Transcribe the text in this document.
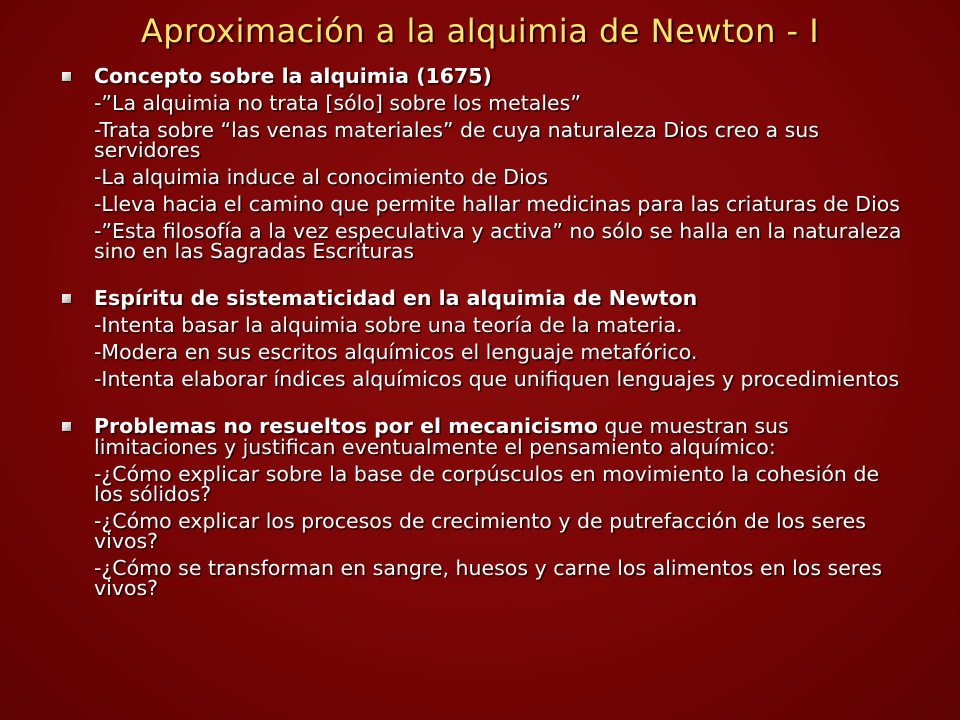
Aproximación a la alquimia de Newton - I
Concepto sobre la alquimia (1675)
-”La alquimia no trata [sólo] sobre los metales”
-Trata sobre “las venas materiales” de cuya naturaleza Dios creo a sus servidores
-La alquimia induce al conocimiento de Dios
-Lleva hacia el camino que permite hallar medicinas para las criaturas de Dios
-”Esta filosofía a la vez especulativa y activa” no sólo se halla en la naturaleza sino en las Sagradas Escrituras
Espíritu de sistematicidad en la alquimia de Newton
-Intenta basar la alquimia sobre una teoría de la materia.
-Modera en sus escritos alquímicos el lenguaje metafórico.
-Intenta elaborar índices alquímicos que unifiquen lenguajes y procedimientos
Problemas no resueltos por el mecanicismo que muestran sus limitaciones y justifican eventualmente el pensamiento alquímico:
-¿Cómo explicar sobre la base de corpúsculos en movimiento la cohesión de los sólidos?
-¿Cómo explicar los procesos de crecimiento y de putrefacción de los seres vivos?
-¿Cómo se transforman en sangre, huesos y carne los alimentos en los seres vivos?
